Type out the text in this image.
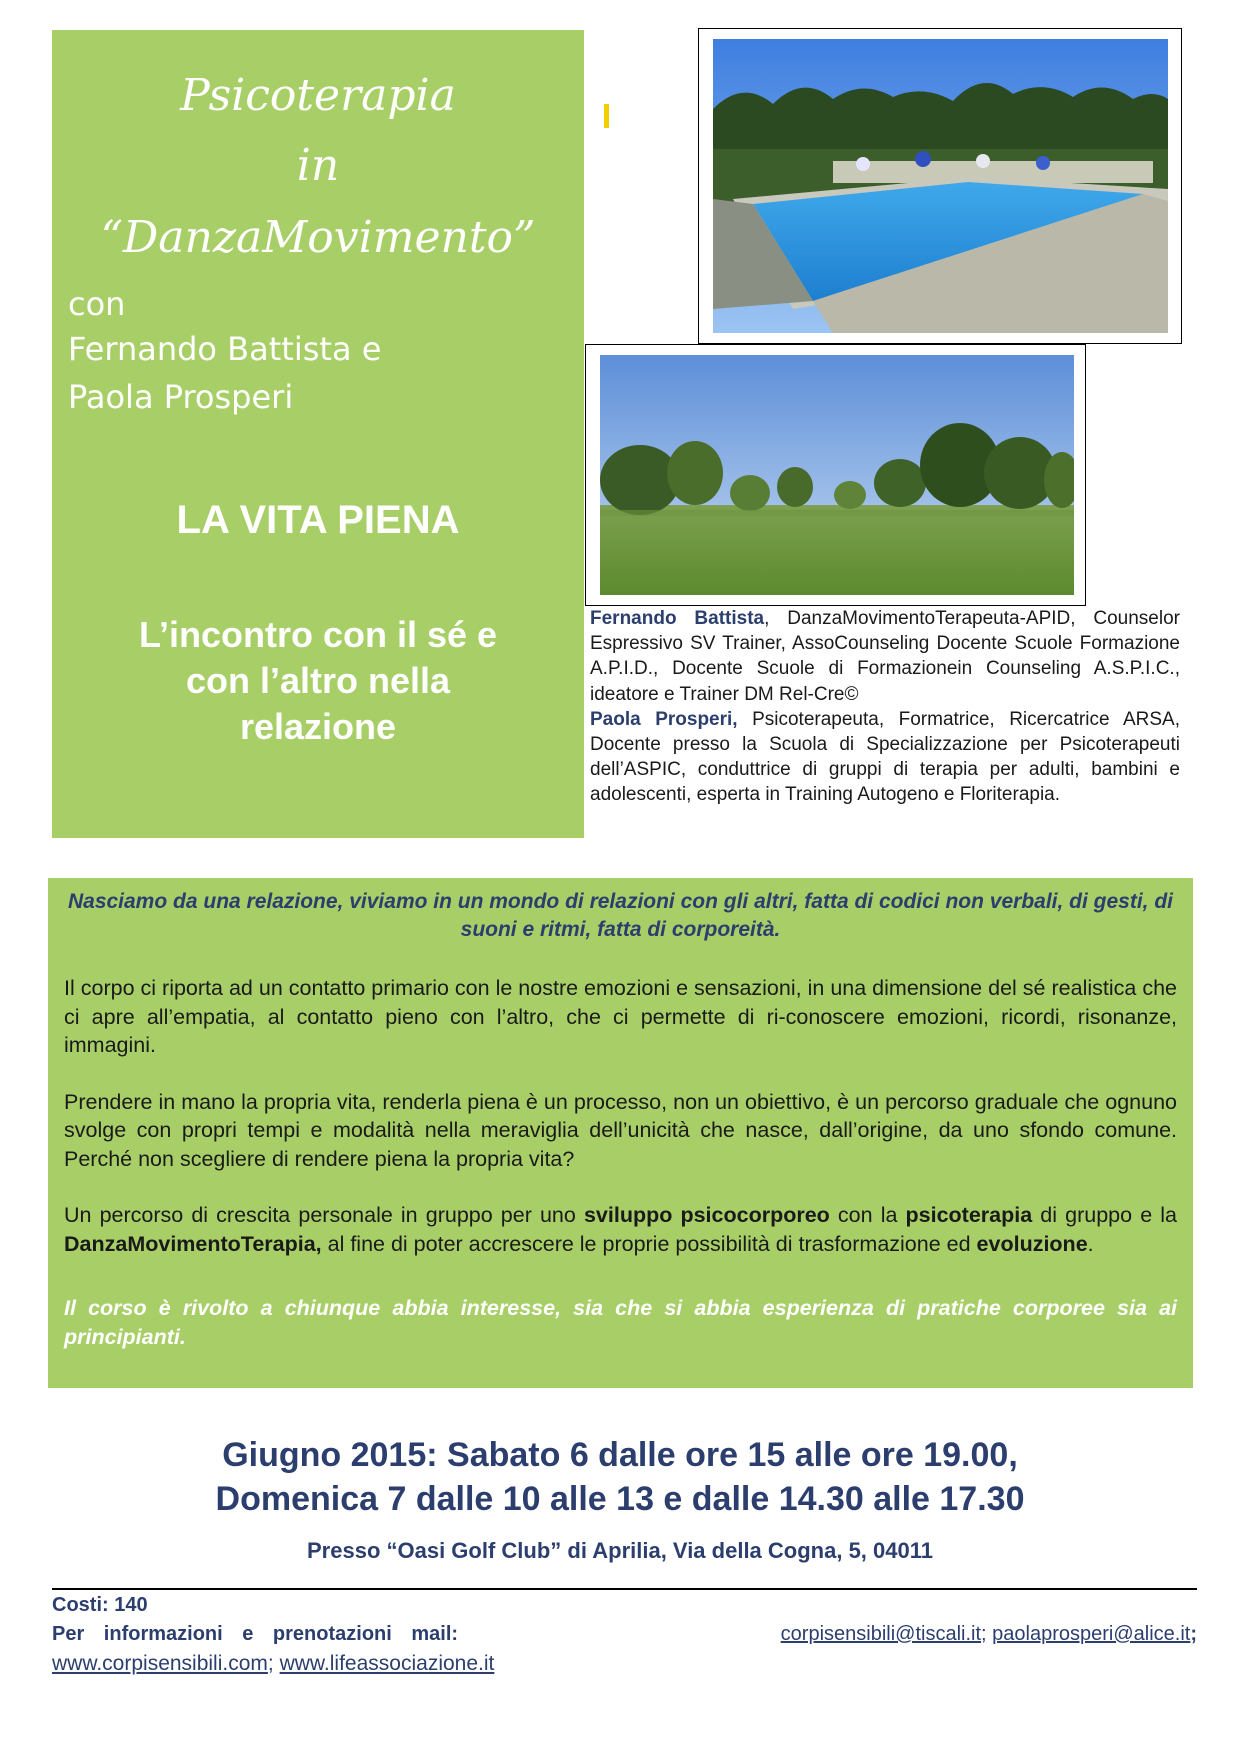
Psicoterapia
in
“DanzaMovimento”
con
Fernando Battista e
Paola Prosperi
LA VITA PIENA
L’incontro con il sé e
con l’altro nella
relazione
Fernando Battista, DanzaMovimentoTerapeuta-APID, Counselor Espressivo SV Trainer, AssoCounseling Docente Scuole Formazione A.P.I.D., Docente Scuole di Formazionein Counseling A.S.P.I.C., ideatore e Trainer DM Rel-Cre©
Paola Prosperi, Psicoterapeuta, Formatrice, Ricercatrice ARSA, Docente presso la Scuola di Specializzazione per Psicoterapeuti dell’ASPIC, conduttrice di gruppi di terapia per adulti, bambini e adolescenti, esperta in Training Autogeno e Floriterapia.

Nasciamo da una relazione, viviamo in un mondo di relazioni con gli altri, fatta di codici non verbali, di gesti, di suoni e ritmi, fatta di corporeità.

Il corpo ci riporta ad un contatto primario con le nostre emozioni e sensazioni, in una dimensione del sé realistica che ci apre all’empatia, al contatto pieno con l’altro, che ci permette di ri-conoscere emozioni, ricordi, risonanze, immagini.

Prendere in mano la propria vita, renderla piena è un processo, non un obiettivo, è un percorso graduale che ognuno svolge con propri tempi e modalità nella meraviglia dell’unicità che nasce, dall’origine, da uno sfondo comune. Perché non scegliere di rendere piena la propria vita?

Un percorso di crescita personale in gruppo per uno sviluppo psicocorporeo con la psicoterapia di gruppo e la DanzaMovimentoTerapia, al fine di poter accrescere le proprie possibilità di trasformazione ed evoluzione.

Il corso è rivolto a chiunque abbia interesse, sia che si abbia esperienza di pratiche corporee sia ai principianti.

Giugno 2015: Sabato 6 dalle ore 15 alle ore 19.00,
Domenica 7 dalle 10 alle 13 e dalle 14.30 alle 17.30
Presso “Oasi Golf Club” di Aprilia, Via della Cogna, 5, 04011
Costi: 140
Per informazioni e prenotazioni mail:	corpisensibili@tiscali.it; paolaprosperi@alice.it;
www.corpisensibili.com; www.lifeassociazione.it
